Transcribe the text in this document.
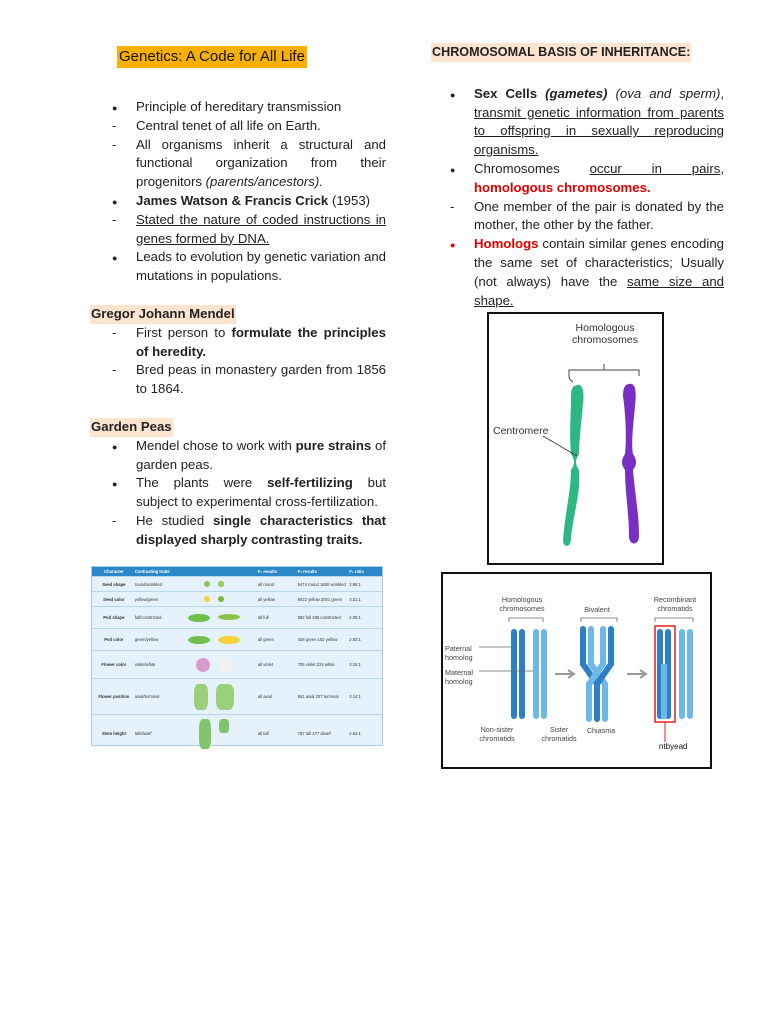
Genetics: A Code for All Life
●
Principle of hereditary transmission
-
Central tenet of all life on Earth.
-
All organisms inherit a structural and functional organization from their progenitors (parents/ancestors).
●
James Watson & Francis Crick (1953)
-
Stated the nature of coded instructions in genes formed by DNA.
●
Leads to evolution by genetic variation and mutations in populations.
Gregor Johann Mendel
-
First person to formulate the principles of heredity.
-
Bred peas in monastery garden from 1856 to 1864.
Garden Peas
●
Mendel chose to work with pure strains of garden peas.
●
The plants were self-fertilizing but subject to experimental cross-fertilization.
-
He studied single characteristics that displayed sharply contrasting traits.
Character	Contrasting traits	F₁ results	F₂ results	F₂ ratio
Seed shape	round/wrinkled	all round	5474 round 1850 wrinkled 2.96:1
Seed color	yellow/green	all yellow	6022 yellow 2001 green	3.01:1
Pod shape	full/constricted	all full	882 full 299 constricted	2.95:1
Pod color	green/yellow	all green	428 green 152 yellow	2.82:1
Flower color	violet/white	all violet	705 violet 224 white	3.15:1
Flower position	axial/terminal	all axial	651 axial 207 terminal	3.14:1
Stem height	tall/dwarf	all tall	787 tall 277 dwarf	2.84:1
CHROMOSOMAL BASIS OF INHERITANCE:
●
Sex Cells (gametes) (ova and sperm), transmit genetic information from parents to offspring in sexually reproducing organisms.
●
Chromosomes occur in pairs, homologous chromosomes.
-
One member of the pair is donated by the mother, the other by the father.
●
Homologs contain similar genes encoding the same set of characteristics; Usually (not always) have the same size and shape.
Homologous chromosomes
Centromere
Homologous chromosomes	Bivalent
Recombinant chromatids
Paternal homolog
Maternal homolog
Non-sister chromatids
Sister chromatids
Chiasma
ntbyead
